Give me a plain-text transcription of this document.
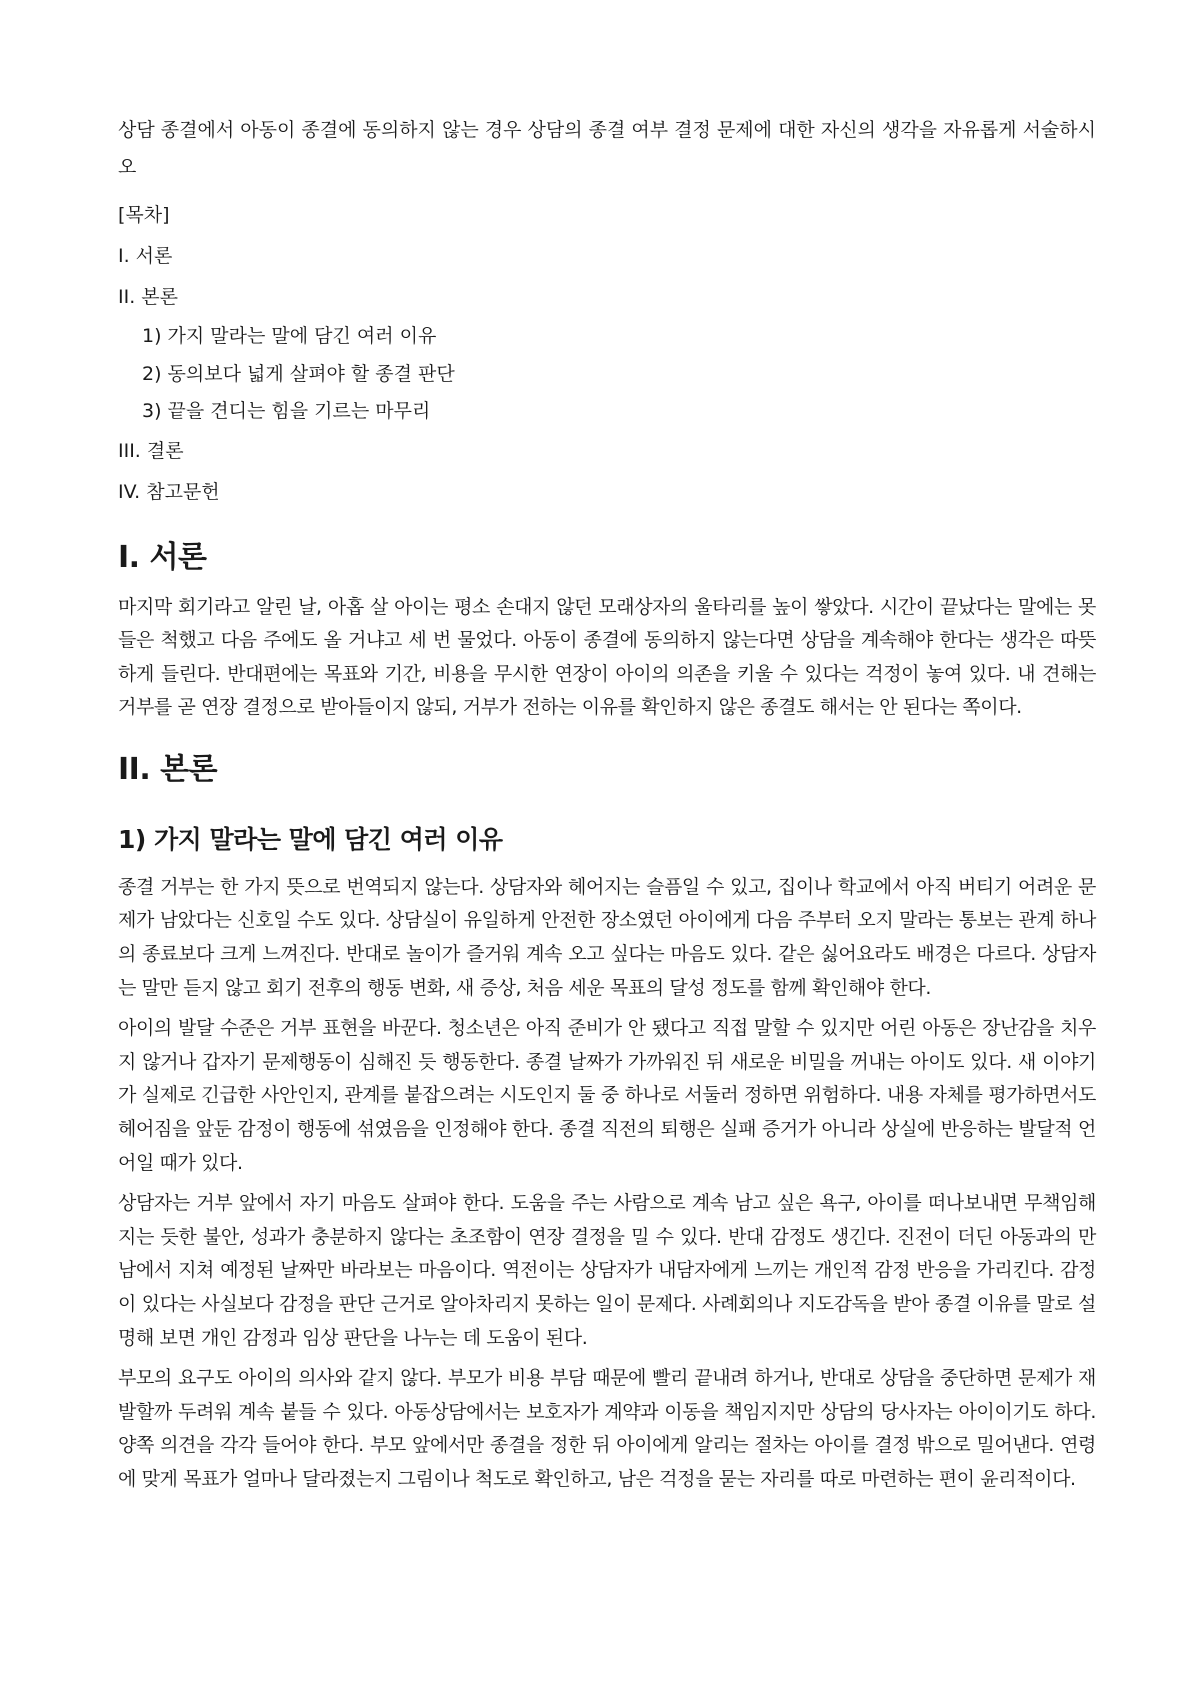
상담 종결에서 아동이 종결에 동의하지 않는 경우 상담의 종결 여부 결정 문제에 대한 자신의 생각을 자유롭게 서술하시오

[목차]

I. 서론

II. 본론

1) 가지 말라는 말에 담긴 여러 이유

2) 동의보다 넓게 살펴야 할 종결 판단

3) 끝을 견디는 힘을 기르는 마무리

III. 결론

IV. 참고문헌

I. 서론

마지막 회기라고 알린 날, 아홉 살 아이는 평소 손대지 않던 모래상자의 울타리를 높이 쌓았다. 시간이 끝났다는 말에는 못 들은 척했고 다음 주에도 올 거냐고 세 번 물었다. 아동이 종결에 동의하지 않는다면 상담을 계속해야 한다는 생각은 따뜻하게 들린다. 반대편에는 목표와 기간, 비용을 무시한 연장이 아이의 의존을 키울 수 있다는 걱정이 놓여 있다. 내 견해는 거부를 곧 연장 결정으로 받아들이지 않되, 거부가 전하는 이유를 확인하지 않은 종결도 해서는 안 된다는 쪽이다.

II. 본론
1) 가지 말라는 말에 담긴 여러 이유

종결 거부는 한 가지 뜻으로 번역되지 않는다. 상담자와 헤어지는 슬픔일 수 있고, 집이나 학교에서 아직 버티기 어려운 문제가 남았다는 신호일 수도 있다. 상담실이 유일하게 안전한 장소였던 아이에게 다음 주부터 오지 말라는 통보는 관계 하나의 종료보다 크게 느껴진다. 반대로 놀이가 즐거워 계속 오고 싶다는 마음도 있다. 같은 싫어요라도 배경은 다르다. 상담자는 말만 듣지 않고 회기 전후의 행동 변화, 새 증상, 처음 세운 목표의 달성 정도를 함께 확인해야 한다.

아이의 발달 수준은 거부 표현을 바꾼다. 청소년은 아직 준비가 안 됐다고 직접 말할 수 있지만 어린 아동은 장난감을 치우지 않거나 갑자기 문제행동이 심해진 듯 행동한다. 종결 날짜가 가까워진 뒤 새로운 비밀을 꺼내는 아이도 있다. 새 이야기가 실제로 긴급한 사안인지, 관계를 붙잡으려는 시도인지 둘 중 하나로 서둘러 정하면 위험하다. 내용 자체를 평가하면서도 헤어짐을 앞둔 감정이 행동에 섞였음을 인정해야 한다. 종결 직전의 퇴행은 실패 증거가 아니라 상실에 반응하는 발달적 언어일 때가 있다.

상담자는 거부 앞에서 자기 마음도 살펴야 한다. 도움을 주는 사람으로 계속 남고 싶은 욕구, 아이를 떠나보내면 무책임해지는 듯한 불안, 성과가 충분하지 않다는 초조함이 연장 결정을 밀 수 있다. 반대 감정도 생긴다. 진전이 더딘 아동과의 만남에서 지쳐 예정된 날짜만 바라보는 마음이다. 역전이는 상담자가 내담자에게 느끼는 개인적 감정 반응을 가리킨다. 감정이 있다는 사실보다 감정을 판단 근거로 알아차리지 못하는 일이 문제다. 사례회의나 지도감독을 받아 종결 이유를 말로 설명해 보면 개인 감정과 임상 판단을 나누는 데 도움이 된다.

부모의 요구도 아이의 의사와 같지 않다. 부모가 비용 부담 때문에 빨리 끝내려 하거나, 반대로 상담을 중단하면 문제가 재발할까 두려워 계속 붙들 수 있다. 아동상담에서는 보호자가 계약과 이동을 책임지지만 상담의 당사자는 아이이기도 하다. 양쪽 의견을 각각 들어야 한다. 부모 앞에서만 종결을 정한 뒤 아이에게 알리는 절차는 아이를 결정 밖으로 밀어낸다. 연령에 맞게 목표가 얼마나 달라졌는지 그림이나 척도로 확인하고, 남은 걱정을 묻는 자리를 따로 마련하는 편이 윤리적이다.
